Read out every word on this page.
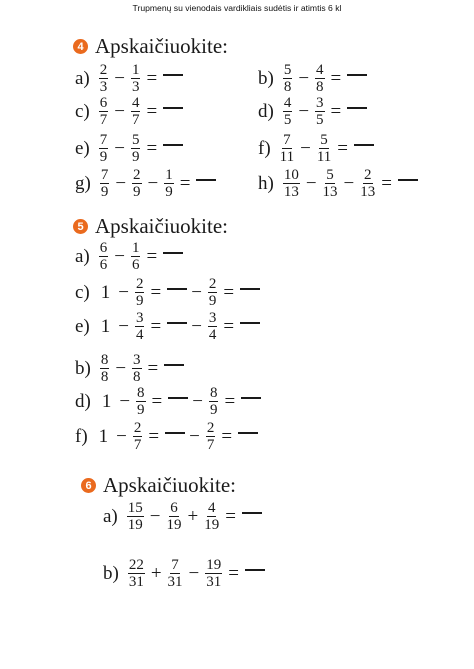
Trupmenų su vienodais vardikliais sudėtis ir atimtis 6 kl
4 Apskaičiuokite:
5 Apskaičiuokite:
6 Apskaičiuokite:
$a) \frac{2}{3} - \frac{1}{3}$ =	$b) \frac{5}{8} - \frac{4}{8}$ =
$c) \frac{6}{7} - \frac{4}{7}$ =	$d) \frac{4}{5} - \frac{3}{5}$ =
$e) \frac{7}{9} - \frac{5}{9}$ =	$f) \frac{7}{11} - \frac{5}{11}$ =
$g) \frac{7}{9} - \frac{2}{9} - \frac{1}{9}$ =	$h) \frac{10}{13} - \frac{5}{13} - \frac{2}{13}$ =
$a) \frac{6}{6} - \frac{1}{6}$ =
c) $1 - \frac{2}{9}$ = − $\frac{2}{9}$ =
e) $1 - \frac{3}{4}$ = − $\frac{3}{4}$ =
$b) \frac{8}{8} - \frac{3}{8}$ =
d) $1 - \frac{8}{9}$ = − $\frac{8}{9}$ =
f) $1 - \frac{2}{7}$ = − $\frac{2}{7}$ =
$a) \frac{15}{19} - \frac{6}{19} + \frac{4}{19}$ =
$b) \frac{22}{31} + \frac{7}{31} - \frac{19}{31}$ =
